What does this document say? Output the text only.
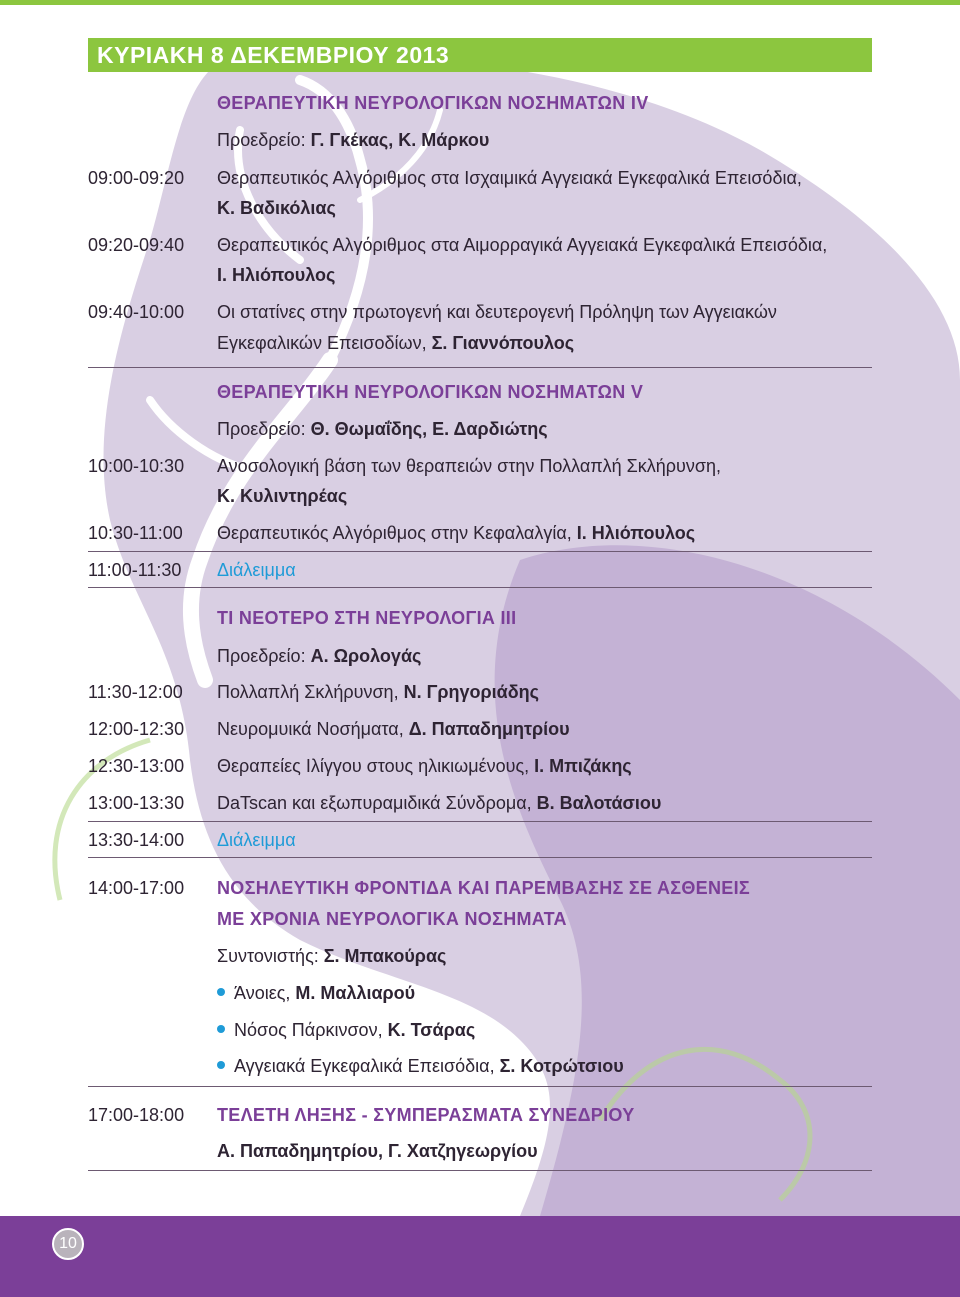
ΚΥΡΙΑΚΗ 8 ΔΕΚΕΜΒΡΙΟΥ 2013
ΘΕΡΑΠΕΥΤΙΚΗ ΝΕΥΡΟΛΟΓΙΚΩΝ ΝΟΣΗΜΑΤΩΝ IV
Προεδρείο: Γ. Γκέκας, Κ. Μάρκου
09:00-09:20	Θεραπευτικός Αλγόριθμος στα Ισχαιμικά Αγγειακά Εγκεφαλικά Επεισόδια,
Κ. Βαδικόλιας
09:20-09:40	Θεραπευτικός Αλγόριθμος στα Αιμορραγικά Αγγειακά Εγκεφαλικά Επεισόδια,
Ι. Ηλιόπουλος
09:40-10:00	Οι στατίνες στην πρωτογενή και δευτερογενή Πρόληψη των Αγγειακών
Εγκεφαλικών Επεισοδίων, Σ. Γιαννόπουλος
ΘΕΡΑΠΕΥΤΙΚΗ ΝΕΥΡΟΛΟΓΙΚΩΝ ΝΟΣΗΜΑΤΩΝ V
Προεδρείο: Θ. Θωμαΐδης, Ε. Δαρδιώτης
10:00-10:30	Ανοσολογική βάση των θεραπειών στην Πολλαπλή Σκλήρυνση,
Κ. Κυλιντηρέας
10:30-11:00	Θεραπευτικός Αλγόριθμος στην Κεφαλαλγία, Ι. Ηλιόπουλος
11:00-11:30	Διάλειμμα
ΤΙ ΝΕΟΤΕΡΟ ΣΤΗ ΝΕΥΡΟΛΟΓΙΑ ΙΙΙ
Προεδρείο: Α. Ωρολογάς
11:30-12:00	Πολλαπλή Σκλήρυνση, Ν. Γρηγοριάδης
12:00-12:30	Νευρομυικά Νοσήματα, Δ. Παπαδημητρίου
12:30-13:00	Θεραπείες Ιλίγγου στους ηλικιωμένους, Ι. Μπιζάκης
13:00-13:30	DaTscan και εξωπυραμιδικά Σύνδρομα, Β. Βαλοτάσιου
13:30-14:00	Διάλειμμα
14:00-17:00	ΝΟΣΗΛΕΥΤΙΚΗ ΦΡΟΝΤΙΔΑ ΚΑΙ ΠΑΡΕΜΒΑΣΗΣ ΣΕ ΑΣΘΕΝΕΙΣ
ΜΕ ΧΡΟΝΙΑ ΝΕΥΡΟΛΟΓΙΚΑ ΝΟΣΗΜΑΤΑ
Συντονιστής: Σ. Μπακούρας
Άνοιες, Μ. Μαλλιαρού
Νόσος Πάρκινσον, Κ. Τσάρας
Αγγειακά Εγκεφαλικά Επεισόδια, Σ. Κοτρώτσιου
17:00-18:00	ΤΕΛΕΤΗ ΛΗΞΗΣ - ΣΥΜΠΕΡΑΣΜΑΤΑ ΣΥΝΕΔΡΙΟΥ
Α. Παπαδημητρίου, Γ. Χατζηγεωργίου
10
